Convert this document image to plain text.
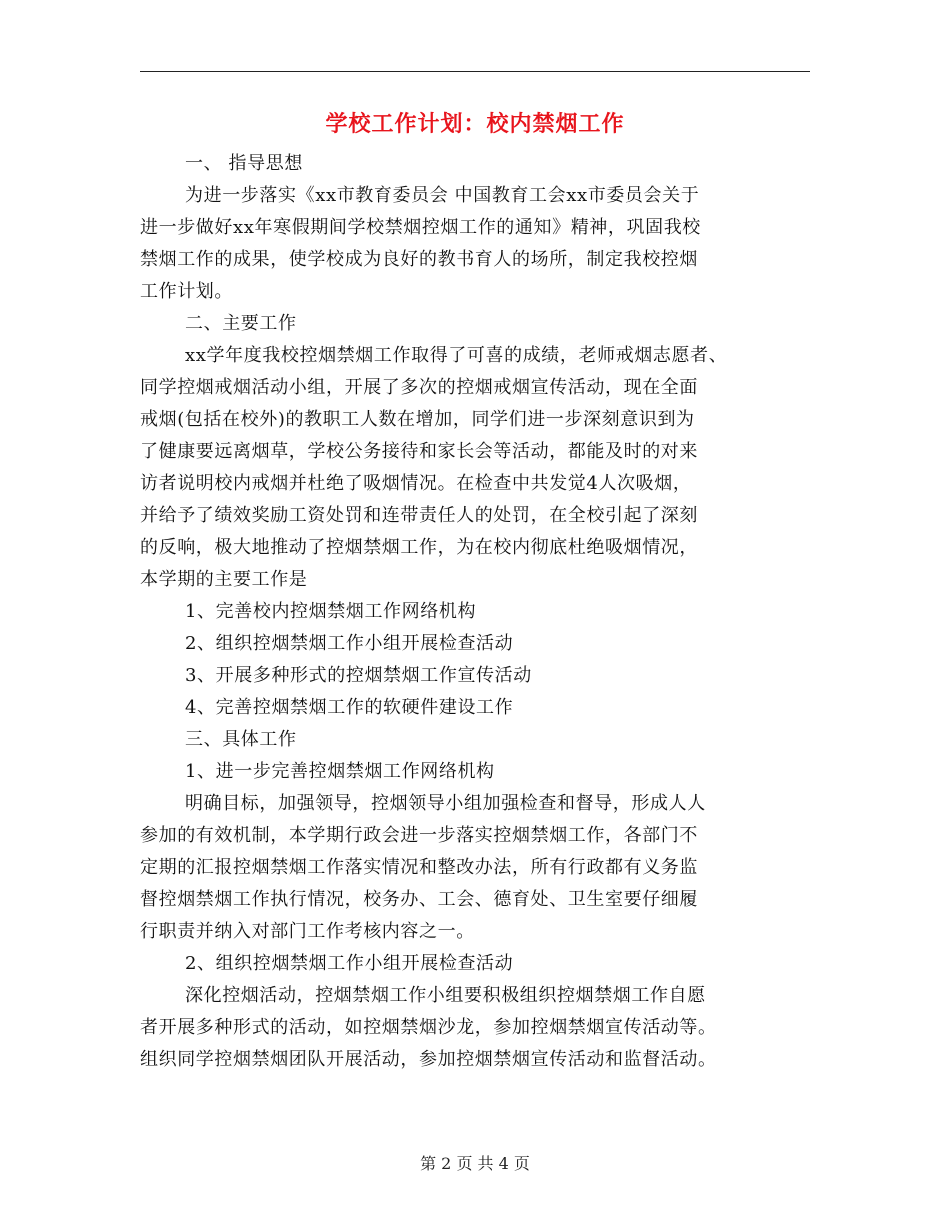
学校工作计划：校内禁烟工作
一、 指导思想
为进一步落实《xx市教育委员会 中国教育工会xx市委员会关于
进一步做好xx年寒假期间学校禁烟控烟工作的通知》精神，巩固我校
禁烟工作的成果，使学校成为良好的教书育人的场所，制定我校控烟
工作计划。
二、主要工作
xx学年度我校控烟禁烟工作取得了可喜的成绩，老师戒烟志愿者、
同学控烟戒烟活动小组，开展了多次的控烟戒烟宣传活动，现在全面
戒烟(包括在校外)的教职工人数在增加，同学们进一步深刻意识到为
了健康要远离烟草，学校公务接待和家长会等活动，都能及时的对来
访者说明校内戒烟并杜绝了吸烟情况。在检查中共发觉4人次吸烟，
并给予了绩效奖励工资处罚和连带责任人的处罚，在全校引起了深刻
的反响，极大地推动了控烟禁烟工作，为在校内彻底杜绝吸烟情况，
本学期的主要工作是
1、完善校内控烟禁烟工作网络机构
2、组织控烟禁烟工作小组开展检查活动
3、开展多种形式的控烟禁烟工作宣传活动
4、完善控烟禁烟工作的软硬件建设工作
三、具体工作
1、进一步完善控烟禁烟工作网络机构
明确目标，加强领导，控烟领导小组加强检查和督导，形成人人
参加的有效机制，本学期行政会进一步落实控烟禁烟工作，各部门不
定期的汇报控烟禁烟工作落实情况和整改办法，所有行政都有义务监
督控烟禁烟工作执行情况，校务办、工会、德育处、卫生室要仔细履
行职责并纳入对部门工作考核内容之一。
2、组织控烟禁烟工作小组开展检查活动
深化控烟活动，控烟禁烟工作小组要积极组织控烟禁烟工作自愿
者开展多种形式的活动，如控烟禁烟沙龙，参加控烟禁烟宣传活动等。
组织同学控烟禁烟团队开展活动，参加控烟禁烟宣传活动和监督活动。
第 2 页 共 4 页
